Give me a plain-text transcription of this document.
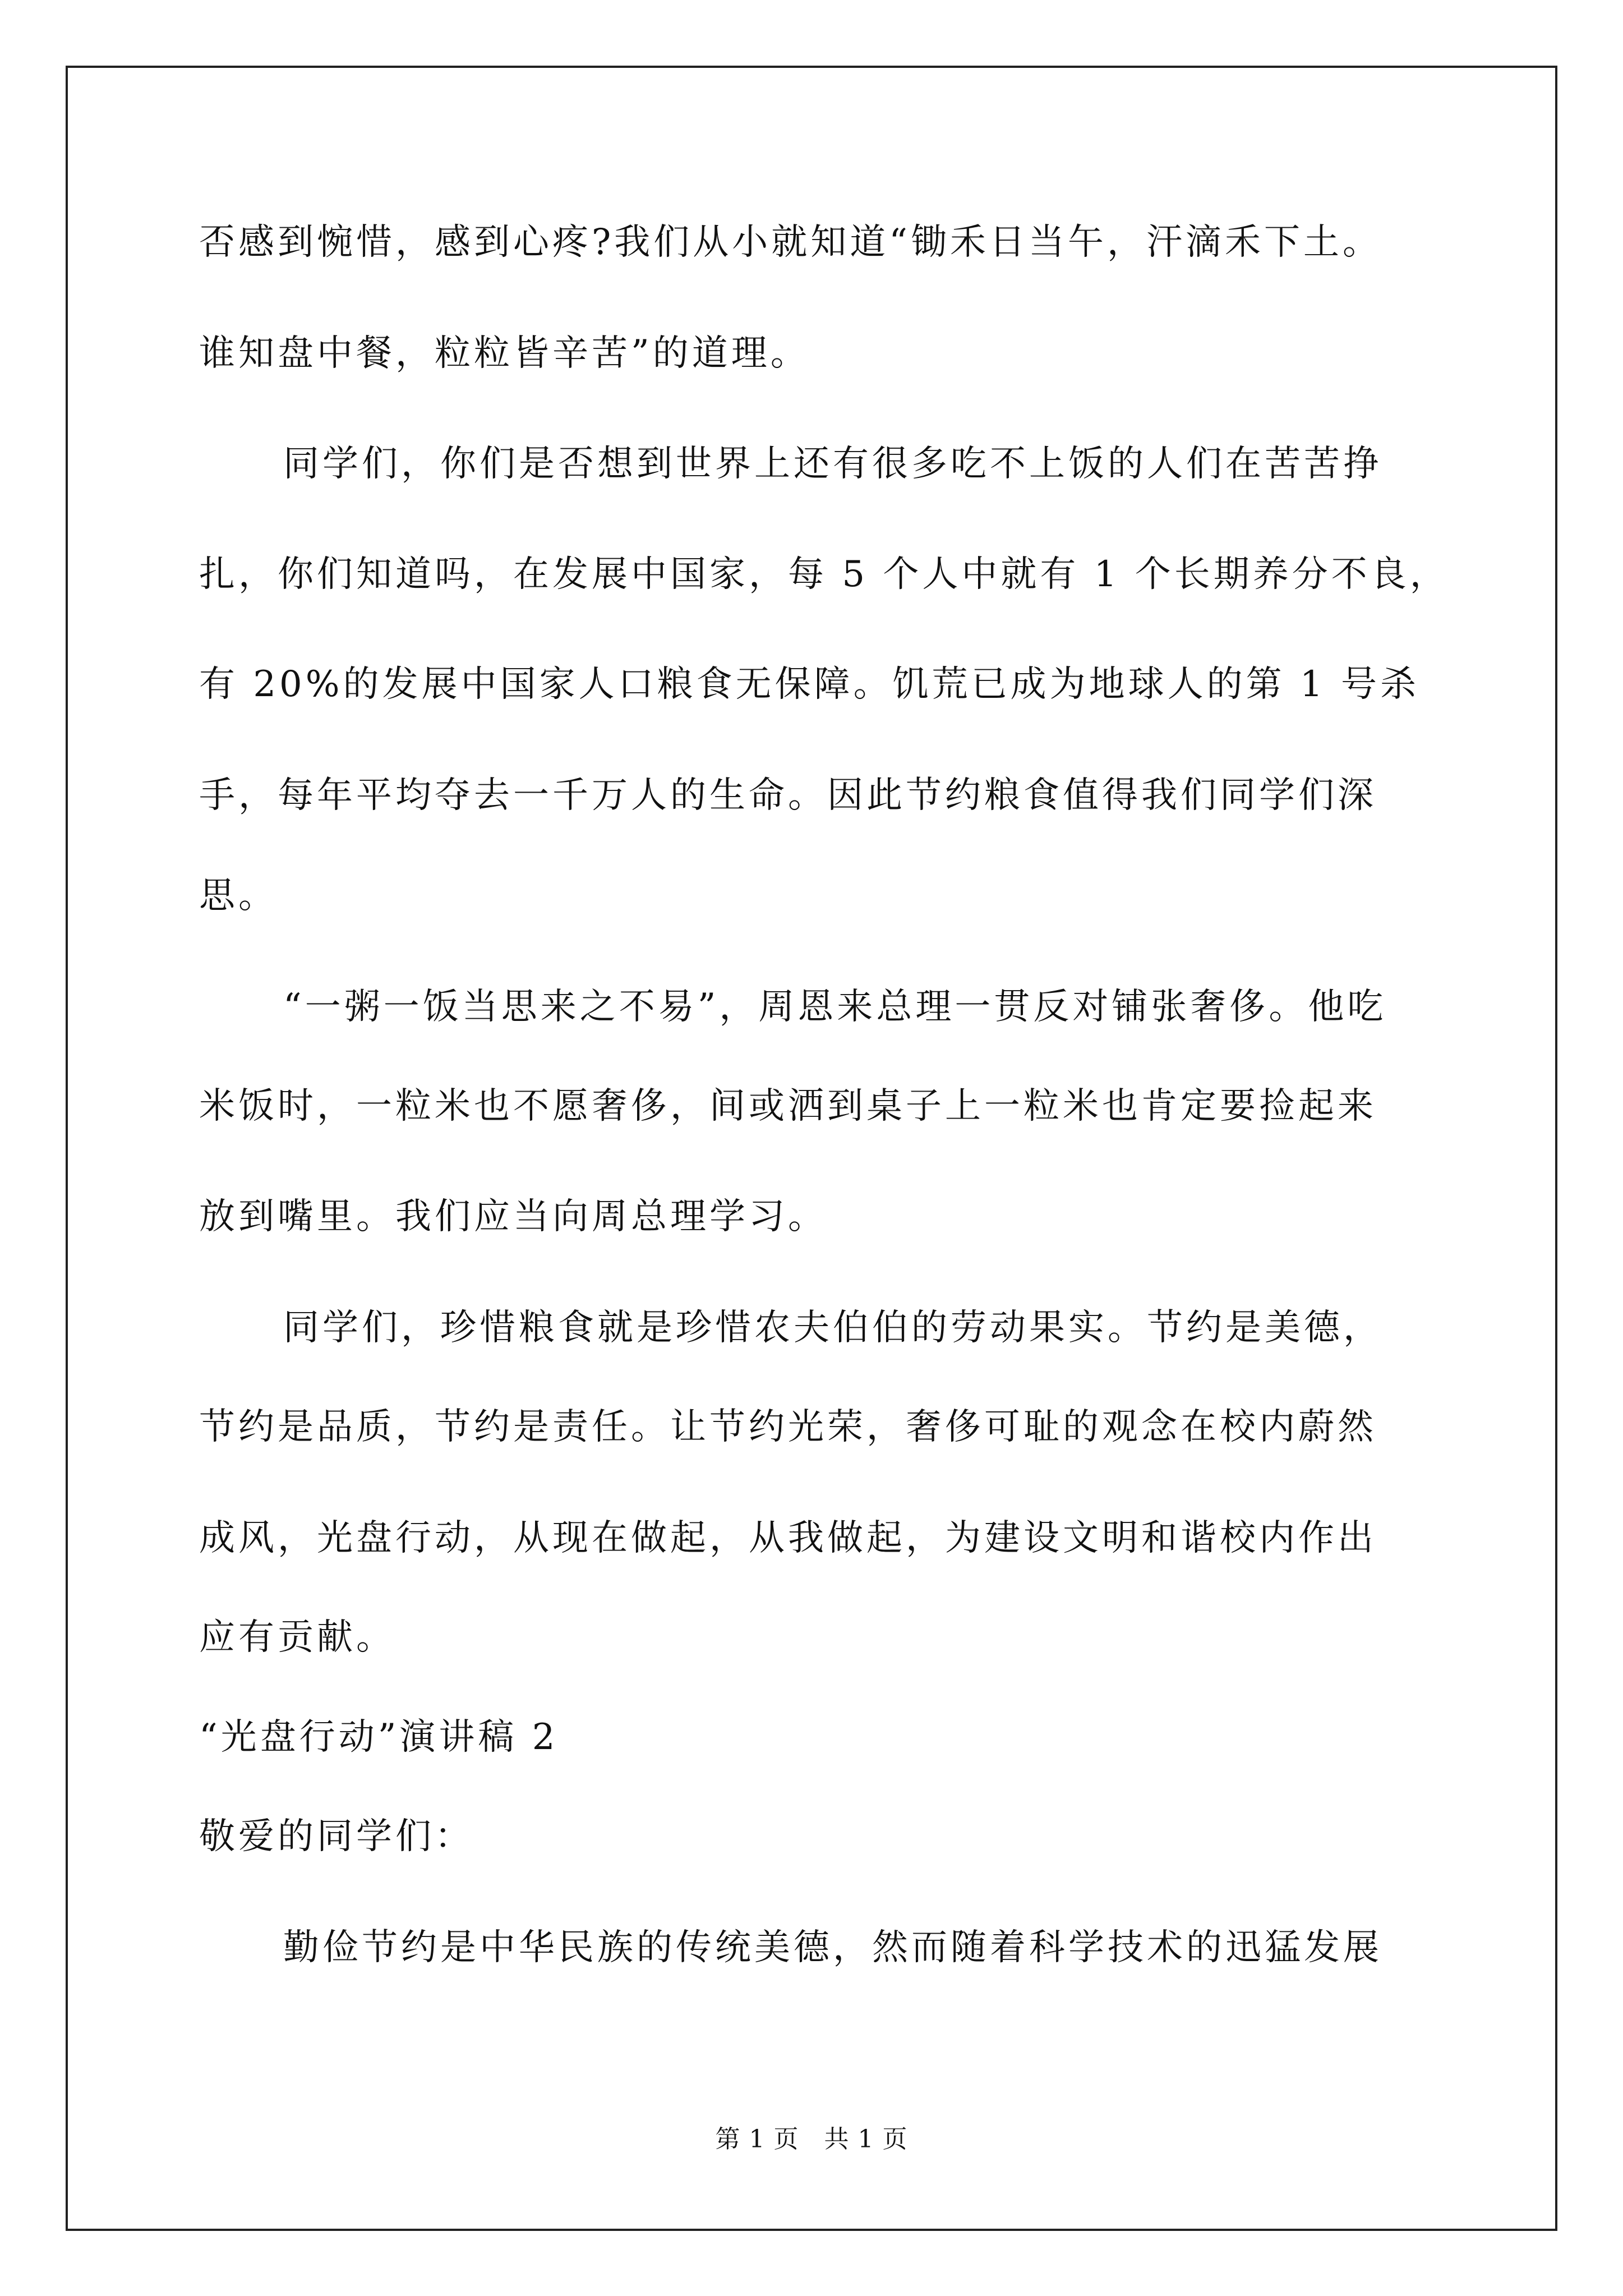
否感到惋惜，感到心疼?我们从小就知道“锄禾日当午，汗滴禾下土。
谁知盘中餐，粒粒皆辛苦”的道理。
同学们，你们是否想到世界上还有很多吃不上饭的人们在苦苦挣
扎，你们知道吗，在发展中国家，每 5 个人中就有 1 个长期养分不良，
有 20%的发展中国家人口粮食无保障。饥荒已成为地球人的第 1 号杀
手，每年平均夺去一千万人的生命。因此节约粮食值得我们同学们深
思。
“一粥一饭当思来之不易”，周恩来总理一贯反对铺张奢侈。他吃
米饭时，一粒米也不愿奢侈，间或洒到桌子上一粒米也肯定要捡起来
放到嘴里。我们应当向周总理学习。
同学们，珍惜粮食就是珍惜农夫伯伯的劳动果实。节约是美德，
节约是品质，节约是责任。让节约光荣，奢侈可耻的观念在校内蔚然
成风，光盘行动，从现在做起，从我做起，为建设文明和谐校内作出
应有贡献。
“光盘行动”演讲稿 2
敬爱的同学们：
勤俭节约是中华民族的传统美德，然而随着科学技术的迅猛发展
第 1 页   共 1 页
